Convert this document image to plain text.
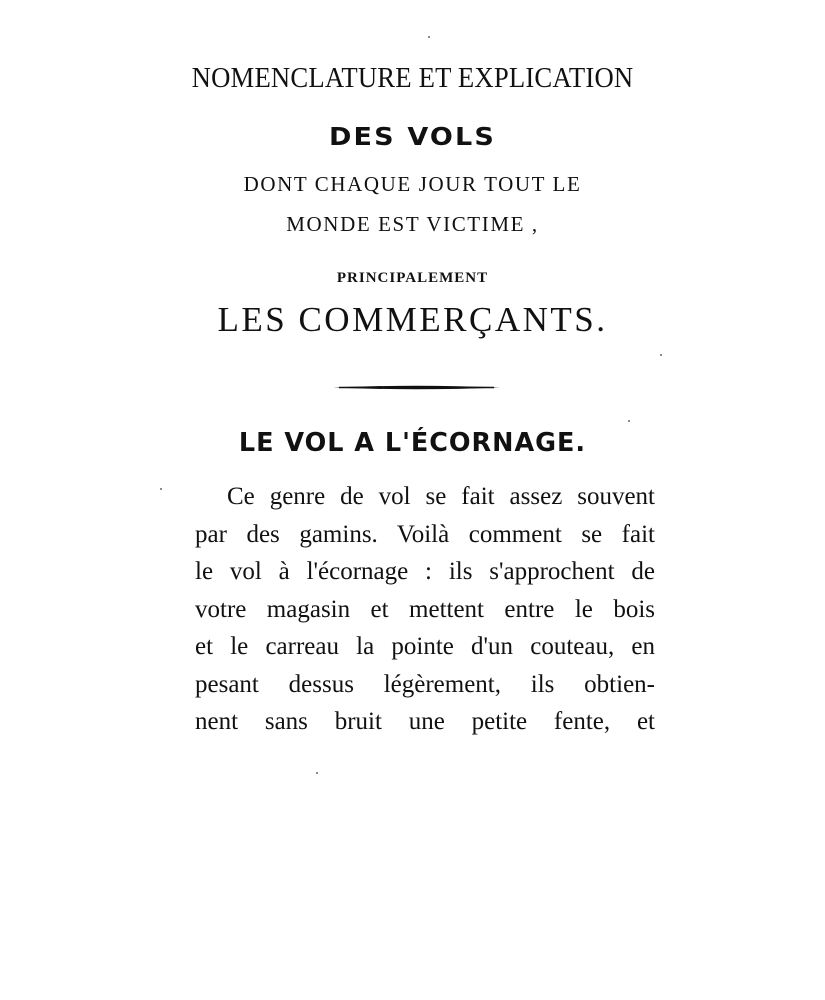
NOMENCLATURE ET EXPLICATION
DES VOLS
DONT CHAQUE JOUR TOUT LE
MONDE EST VICTIME ,
PRINCIPALEMENT
LES COMMERÇANTS.
LE VOL A L'ÉCORNAGE.
Ce genre de vol se fait assez souvent
par des gamins. Voilà comment se fait
le vol à l'écornage : ils s'approchent de
votre magasin et mettent entre le bois
et le carreau la pointe d'un couteau, en
pesant dessus légèrement, ils obtien-
nent sans bruit une petite fente, et
